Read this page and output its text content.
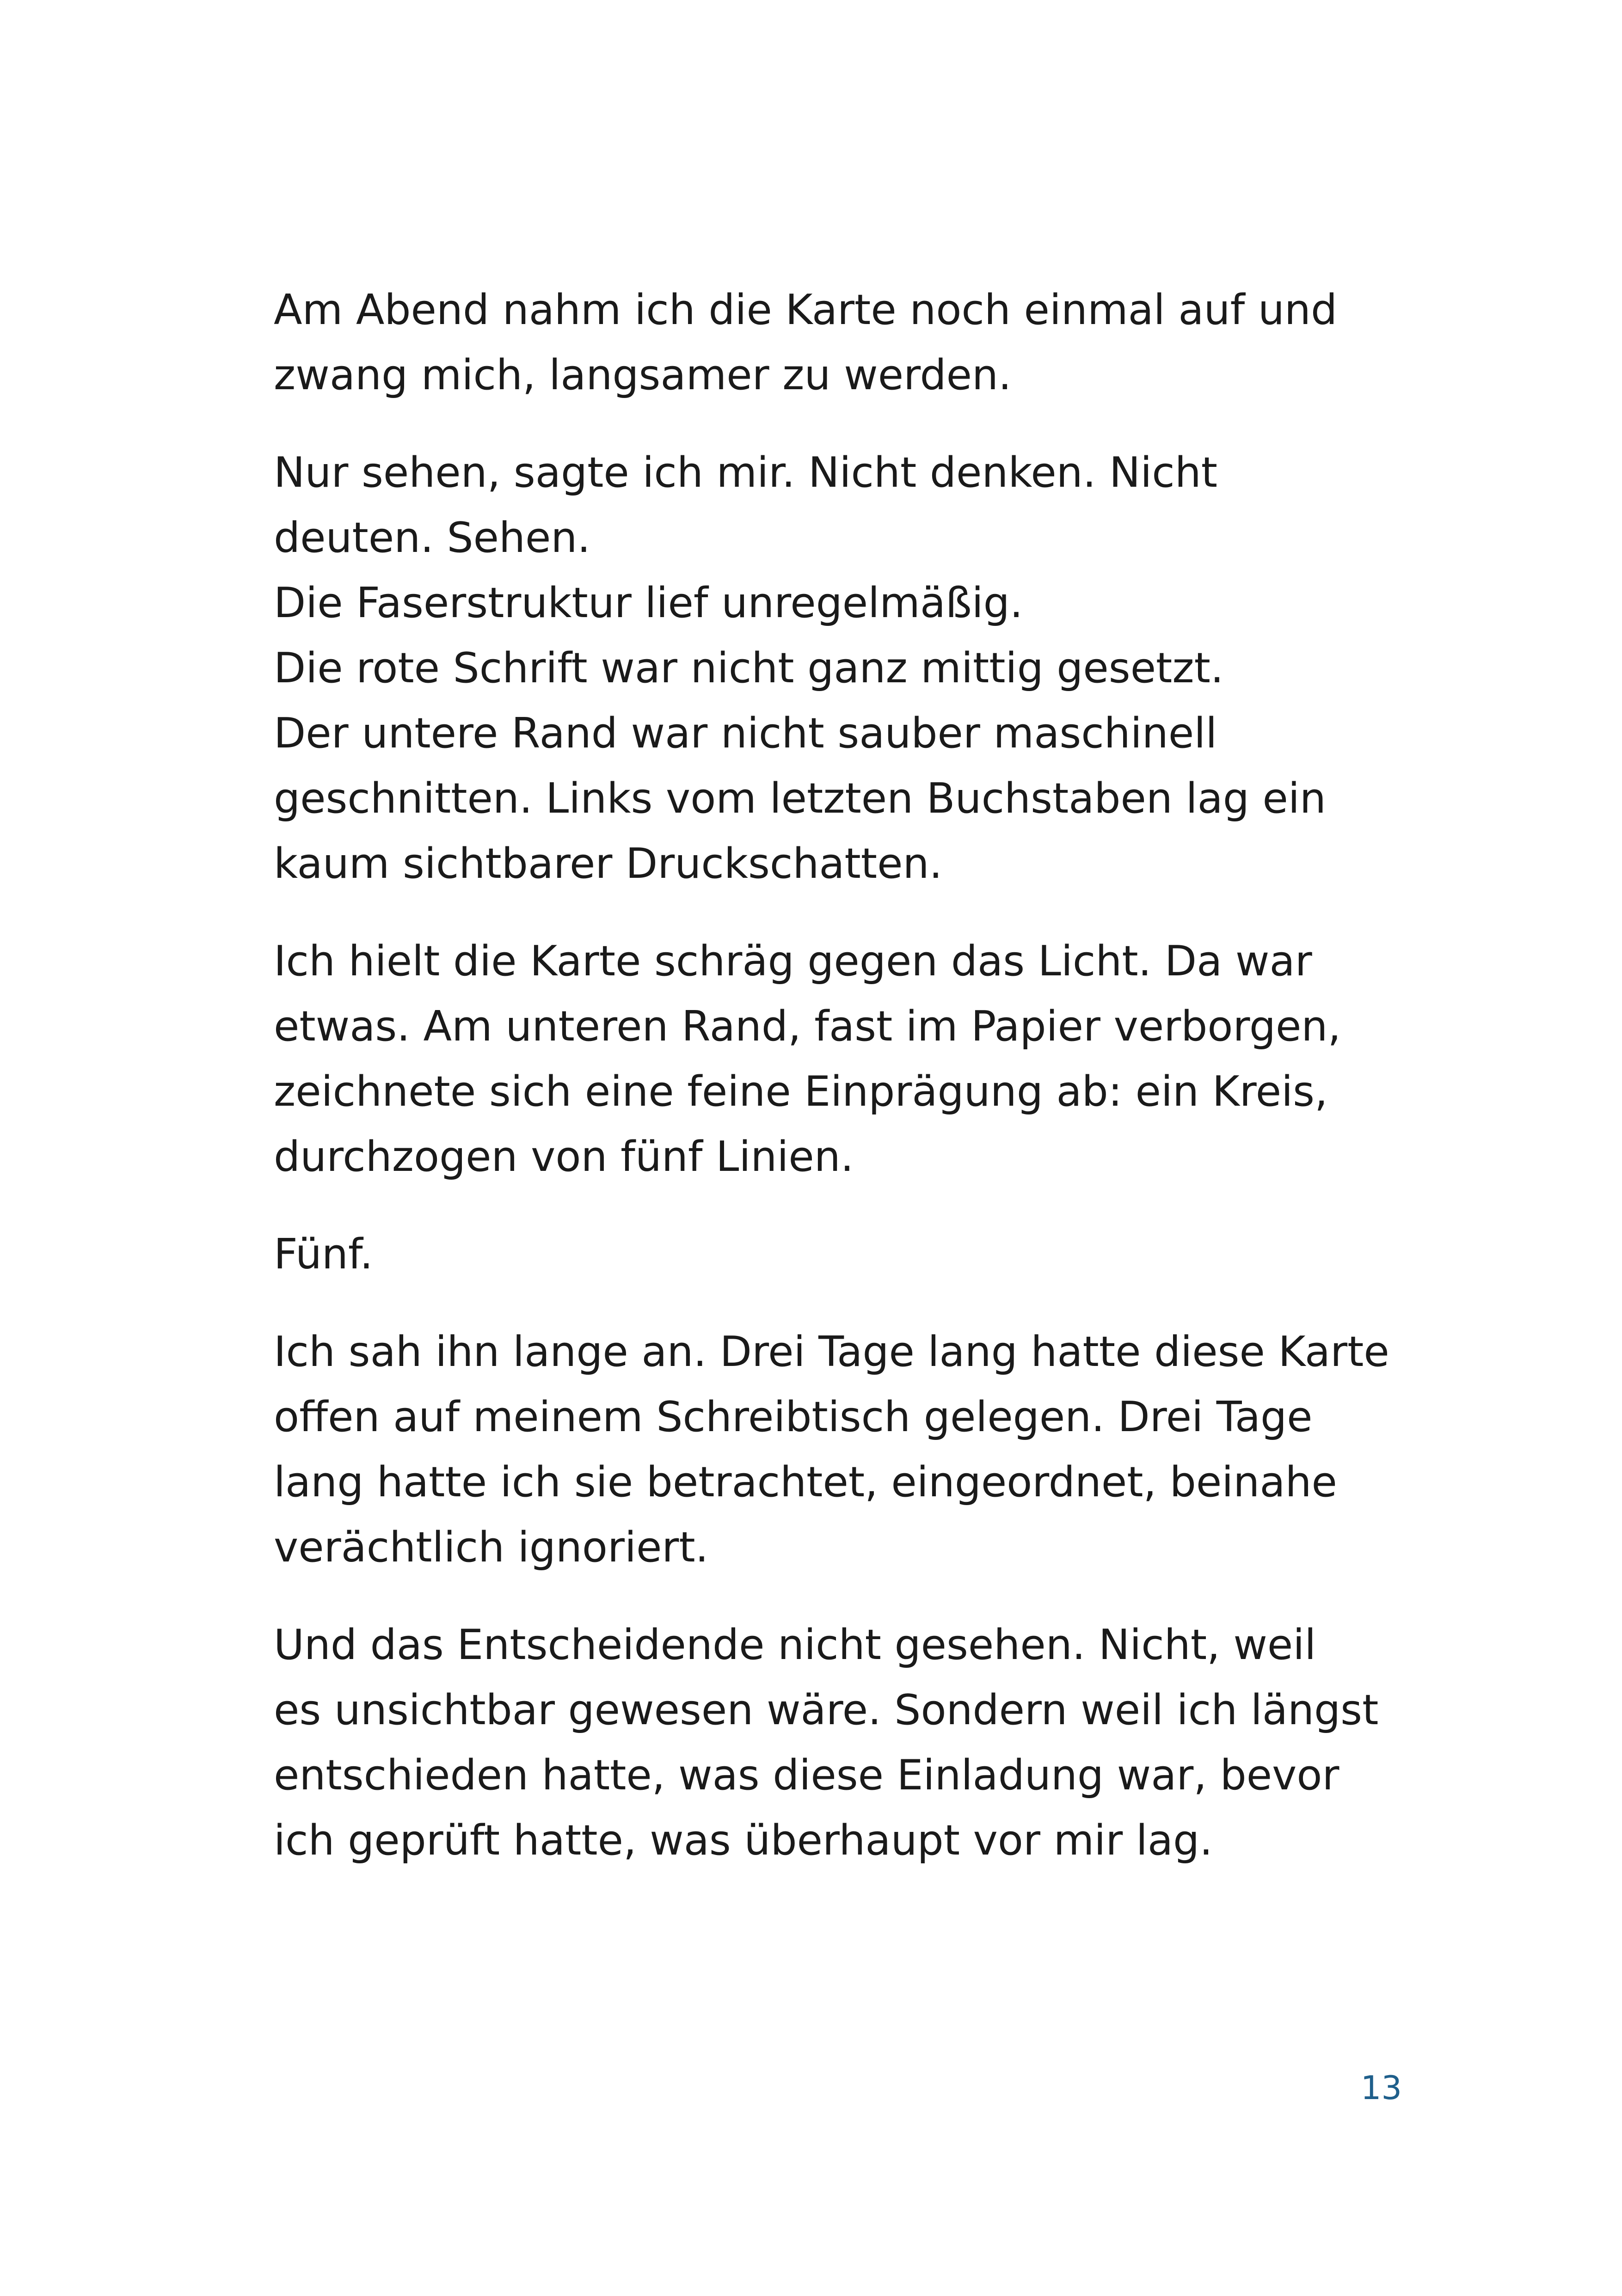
Am Abend nahm ich die Karte noch einmal auf und
zwang mich, langsamer zu werden.

Nur sehen, sagte ich mir. Nicht denken. Nicht
deuten. Sehen.
Die Faserstruktur lief unregelmäßig.
Die rote Schrift war nicht ganz mittig gesetzt.
Der untere Rand war nicht sauber maschinell
geschnitten. Links vom letzten Buchstaben lag ein
kaum sichtbarer Druckschatten.

Ich hielt die Karte schräg gegen das Licht. Da war
etwas. Am unteren Rand, fast im Papier verborgen,
zeichnete sich eine feine Einprägung ab: ein Kreis,
durchzogen von fünf Linien.

Fünf.

Ich sah ihn lange an. Drei Tage lang hatte diese Karte
offen auf meinem Schreibtisch gelegen. Drei Tage
lang hatte ich sie betrachtet, eingeordnet, beinahe
verächtlich ignoriert.

Und das Entscheidende nicht gesehen. Nicht, weil
es unsichtbar gewesen wäre. Sondern weil ich längst
entschieden hatte, was diese Einladung war, bevor
ich geprüft hatte, was überhaupt vor mir lag.

13
